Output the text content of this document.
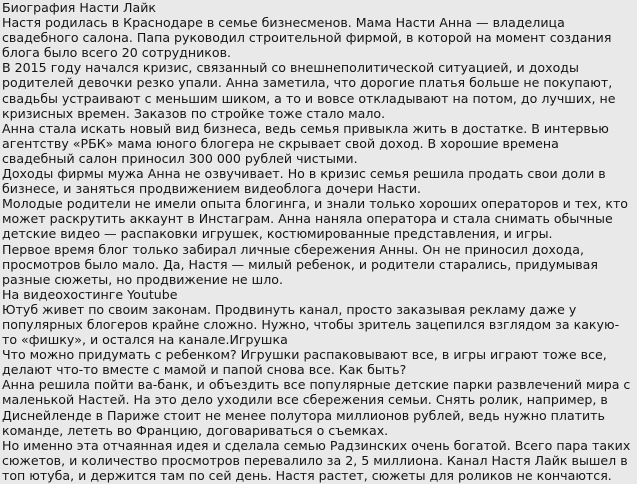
Биография Насти Лайк
Настя родилась в Краснодаре в семье бизнесменов. Мама Насти Анна — владелица свадебного салона. Папа руководил строительной фирмой, в которой на момент создания блога было всего 20 сотрудников.
В 2015 году начался кризис, связанный со внешнеполитической ситуацией, и доходы родителей девочки резко упали. Анна заметила, что дорогие платья больше не покупают, свадьбы устраивают с меньшим шиком, а то и вовсе откладывают на потом, до лучших, не кризисных времен. Заказов по стройке тоже стало мало.
Анна стала искать новый вид бизнеса, ведь семья привыкла жить в достатке. В интервью агентству «РБК» мама юного блогера не скрывает свой доход. В хорошие времена свадебный салон приносил 300 000 рублей чистыми.
Доходы фирмы мужа Анна не озвучивает. Но в кризис семья решила продать свои доли в бизнесе, и заняться продвижением видеоблога дочери Насти.
Молодые родители не имели опыта блогинга, и знали только хороших операторов и тех, кто может раскрутить аккаунт в Инстаграм. Анна наняла оператора и стала снимать обычные детские видео — распаковки игрушек, костюмированные представления, и игры.
Первое время блог только забирал личные сбережения Анны. Он не приносил дохода, просмотров было мало. Да, Настя — милый ребенок, и родители старались, придумывая разные сюжеты, но продвижение не шло.
На видеохостинге Youtube
Ютуб живет по своим законам. Продвинуть канал, просто заказывая рекламу даже у популярных блогеров крайне сложно. Нужно, чтобы зритель зацепился взглядом за какую-то «фишку», и остался на канале.Игрушка
Что можно придумать с ребенком? Игрушки распаковывают все, в игры играют тоже все, делают что-то вместе с мамой и папой снова все. Как быть?
Анна решила пойти ва-банк, и объездить все популярные детские парки развлечений мира с маленькой Настей. На это дело уходили все сбережения семьи. Снять ролик, например, в Диснейленде в Париже стоит не менее полутора миллионов рублей, ведь нужно платить команде, лететь во Францию, договариваться о съемках.
Но именно эта отчаянная идея и сделала семью Радзинских очень богатой. Всего пара таких сюжетов, и количество просмотров перевалило за 2, 5 миллиона. Канал Настя Лайк вышел в топ ютуба, и держится там по сей день. Настя растет, сюжеты для роликов не кончаются.
